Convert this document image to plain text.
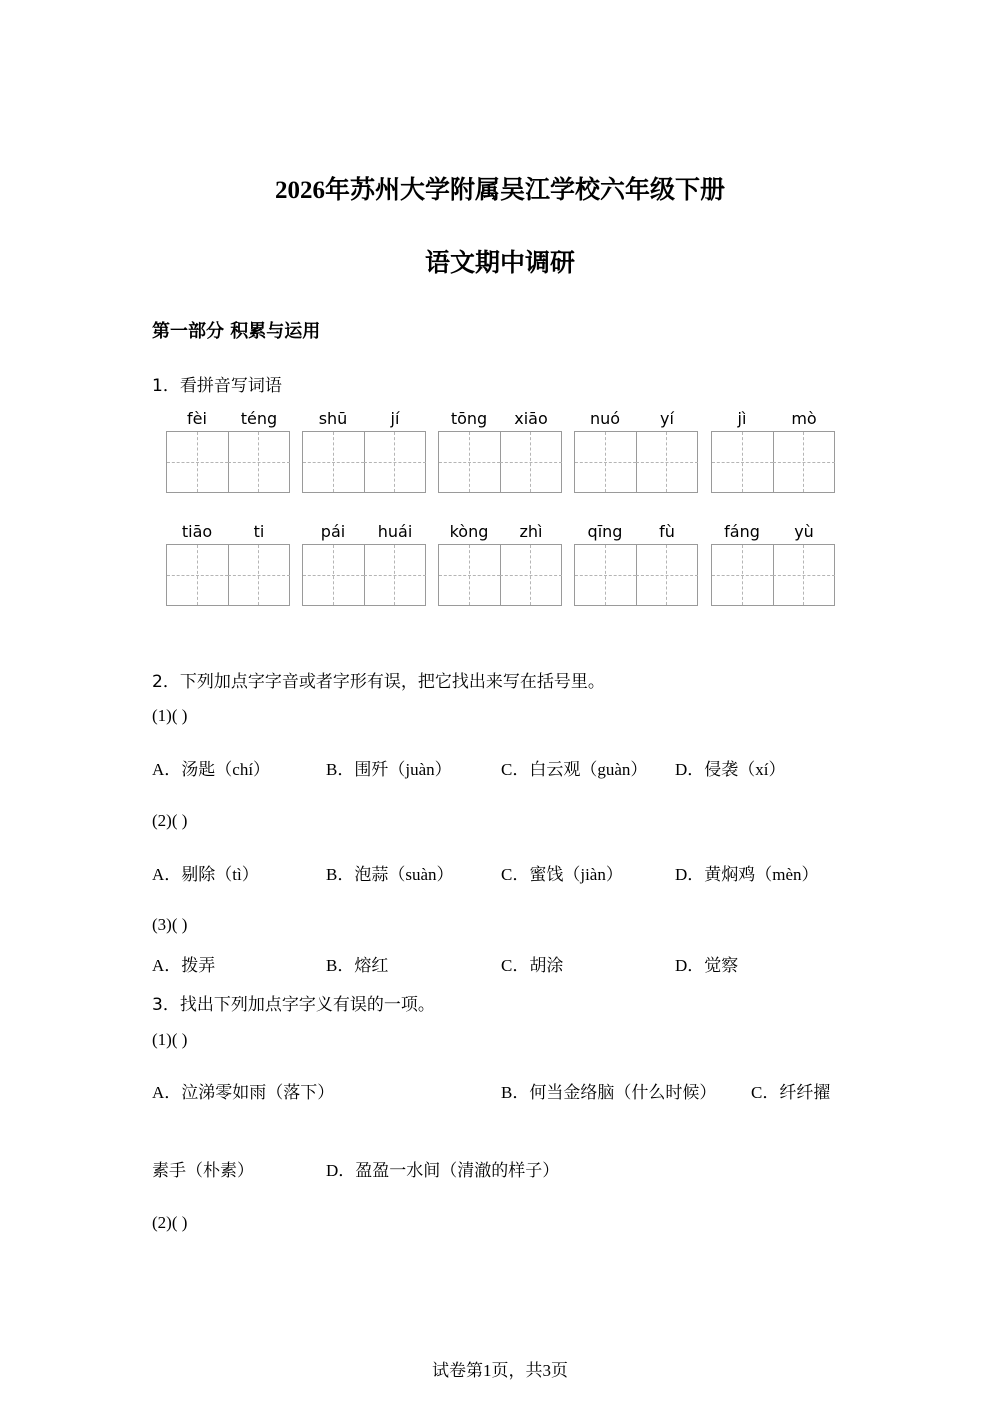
2026年苏州大学附属吴江学校六年级下册
语文期中调研
第一部分 积累与运用
1．看拼音写词语
fèi	téng	shū	jí	tōng	xiāo	nuó	yí	jì	mò
tiāo	ti	pái	huái	kòng	zhì	qīng	fù	fáng	yù
2．下列加点字字音或者字形有误，把它找出来写在括号里。
(1)( )
A．汤匙（chí）	B．围歼（juàn）	C．白云观（guàn） D．侵袭（xí）
(2)( )
A．剔除（tì）	B．泡蒜（suàn）	C．蜜饯（jiàn）	D．黄焖鸡（mèn）
(3)( )
A．拨弄	B．熔红	C．胡涂	D．觉察
3．找出下列加点字字义有误的一项。
(1)( )
A．泣涕零如雨（落下）	B．何当金络脑（什么时候） C．纤纤擢
素手（朴素）	D．盈盈一水间（清澈的样子）
(2)( )
试卷第1页，共3页
